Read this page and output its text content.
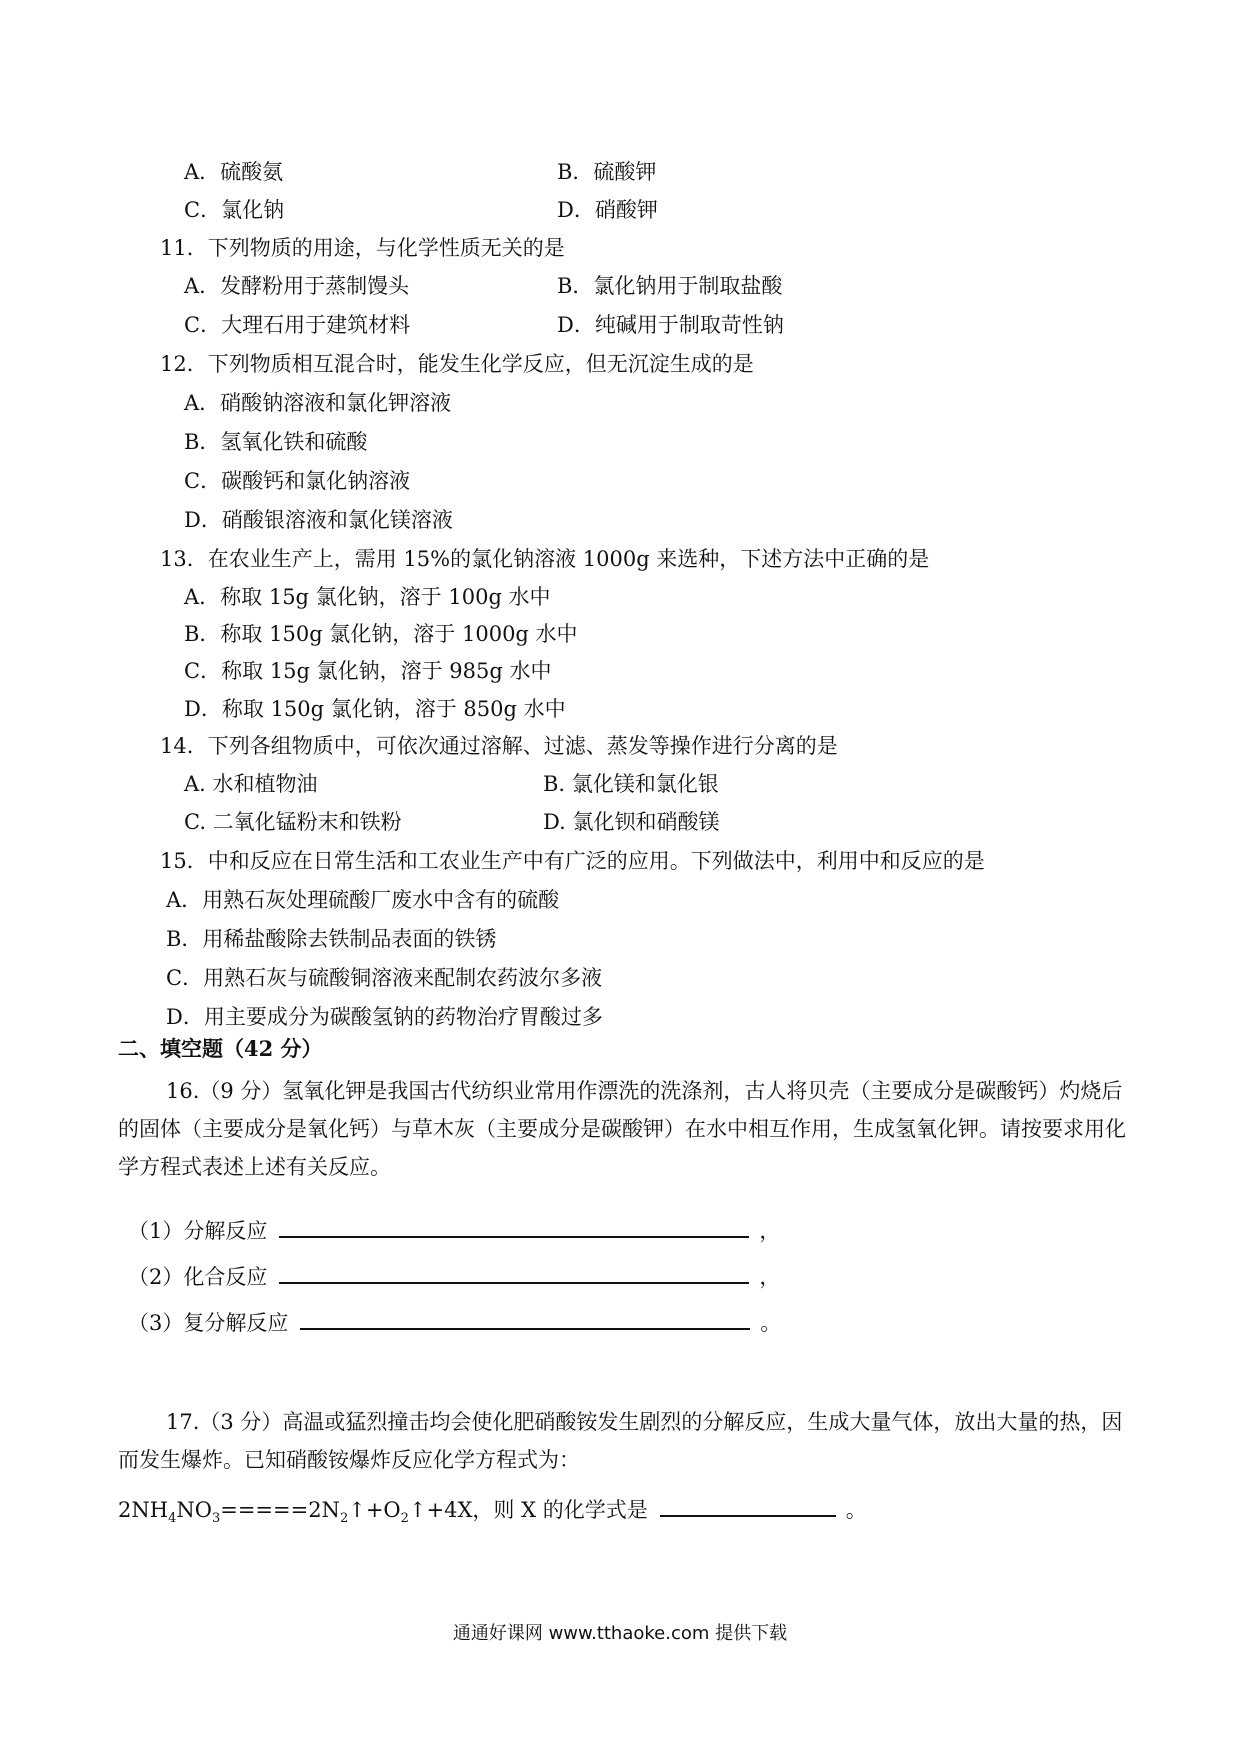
A．硫酸氨	B．硫酸钾
C．氯化钠	D．硝酸钾
11．下列物质的用途，与化学性质无关的是
A．发酵粉用于蒸制馒头	B．氯化钠用于制取盐酸
C．大理石用于建筑材料	D．纯碱用于制取苛性钠
12．下列物质相互混合时，能发生化学反应，但无沉淀生成的是
A．硝酸钠溶液和氯化钾溶液
B．氢氧化铁和硫酸
C．碳酸钙和氯化钠溶液
D．硝酸银溶液和氯化镁溶液
13．在农业生产上，需用 15%的氯化钠溶液 1000g 来选种，下述方法中正确的是
A．称取 15g 氯化钠，溶于 100g 水中
B．称取 150g 氯化钠，溶于 1000g 水中
C．称取 15g 氯化钠，溶于 985g 水中
D．称取 150g 氯化钠，溶于 850g 水中
14．下列各组物质中，可依次通过溶解、过滤、蒸发等操作进行分离的是
A. 水和植物油	B. 氯化镁和氯化银
C. 二氧化锰粉末和铁粉	D. 氯化钡和硝酸镁
15．中和反应在日常生活和工农业生产中有广泛的应用。下列做法中，利用中和反应的是
A．用熟石灰处理硫酸厂废水中含有的硫酸
B．用稀盐酸除去铁制品表面的铁锈
C．用熟石灰与硫酸铜溶液来配制农药波尔多液
D．用主要成分为碳酸氢钠的药物治疗胃酸过多
二、填空题（42 分）
16.（9 分）氢氧化钾是我国古代纺织业常用作漂洗的洗涤剂，古人将贝壳（主要成分是碳酸钙）灼烧后的固体（主要成分是氧化钙）与草木灰（主要成分是碳酸钾）在水中相互作用，生成氢氧化钾。请按要求用化学方程式表述上述有关反应。
（1）分解反应	，
（2）化合反应	，
（3）复分解反应	。
17.（3 分）高温或猛烈撞击均会使化肥硝酸铵发生剧烈的分解反应，生成大量气体，放出大量的热，因而发生爆炸。已知硝酸铵爆炸反应化学方程式为：
$2NH_4NO_3=====2N_2↑+O_2↑+4X$，则 X 的化学式是	。
通通好课网 www.tthaoke.com 提供下载
